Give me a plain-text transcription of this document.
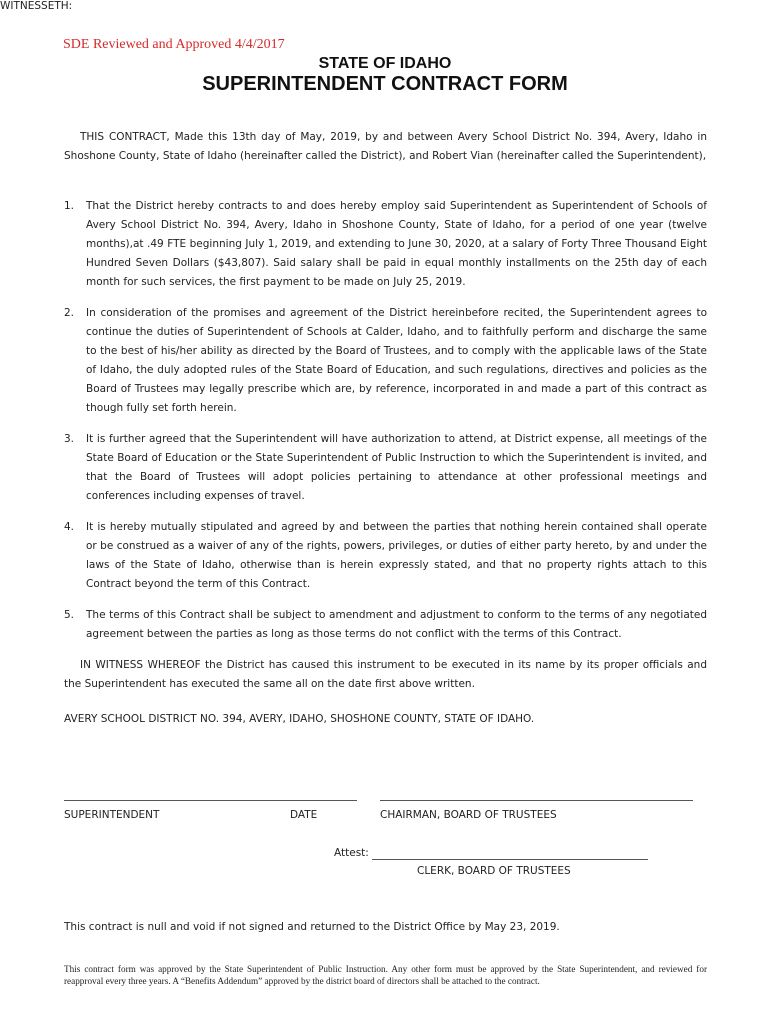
SDE Reviewed and Approved 4/4/2017
STATE OF IDAHO
SUPERINTENDENT CONTRACT FORM
THIS CONTRACT, Made this 13th day of May, 2019, by and between Avery School District No. 394, Avery, Idaho in Shoshone County, State of Idaho (hereinafter called the District), and Robert Vian (hereinafter called the Superintendent),
WITNESSETH:
1. That the District hereby contracts to and does hereby employ said Superintendent as Superintendent of Schools of Avery School District No. 394, Avery, Idaho in Shoshone County, State of Idaho, for a period of one year (twelve months),at .49 FTE beginning July 1, 2019, and extending to June 30, 2020, at a salary of Forty Three Thousand Eight Hundred Seven Dollars ($43,807). Said salary shall be paid in equal monthly installments on the 25th day of each month for such services, the first payment to be made on July 25, 2019.
2. In consideration of the promises and agreement of the District hereinbefore recited, the Superintendent agrees to continue the duties of Superintendent of Schools at Calder, Idaho, and to faithfully perform and discharge the same to the best of his/her ability as directed by the Board of Trustees, and to comply with the applicable laws of the State of Idaho, the duly adopted rules of the State Board of Education, and such regulations, directives and policies as the Board of Trustees may legally prescribe which are, by reference, incorporated in and made a part of this contract as though fully set forth herein.
3. It is further agreed that the Superintendent will have authorization to attend, at District expense, all meetings of the State Board of Education or the State Superintendent of Public Instruction to which the Superintendent is invited, and that the Board of Trustees will adopt policies pertaining to attendance at other professional meetings and conferences including expenses of travel.
4. It is hereby mutually stipulated and agreed by and between the parties that nothing herein contained shall operate or be construed as a waiver of any of the rights, powers, privileges, or duties of either party hereto, by and under the laws of the State of Idaho, otherwise than is herein expressly stated, and that no property rights attach to this Contract beyond the term of this Contract.
5. The terms of this Contract shall be subject to amendment and adjustment to conform to the terms of any negotiated agreement between the parties as long as those terms do not conflict with the terms of this Contract.
IN WITNESS WHEREOF the District has caused this instrument to be executed in its name by its proper officials and the Superintendent has executed the same all on the date first above written.
AVERY SCHOOL DISTRICT NO. 394, AVERY, IDAHO, SHOSHONE COUNTY, STATE OF IDAHO.
SUPERINTENDENT	DATE	CHAIRMAN, BOARD OF TRUSTEES
Attest:
CLERK, BOARD OF TRUSTEES
This contract is null and void if not signed and returned to the District Office by May 23, 2019.
This contract form was approved by the State Superintendent of Public Instruction. Any other form must be approved by the State Superintendent, and reviewed for reapproval every three years. A “Benefits Addendum” approved by the district board of directors shall be attached to the contract.
